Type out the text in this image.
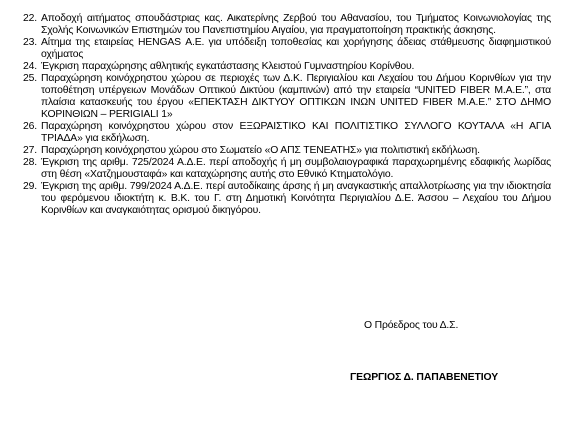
22. Αποδοχή αιτήματος σπουδάστριας κας. Αικατερίνης Ζερβού του Αθανασίου, του Τμήματος Κοινωνιολογίας της Σχολής Κοινωνικών Επιστημών του Πανεπιστημίου Αιγαίου, για πραγματοποίηση πρακτικής άσκησης.
23. Αίτημα της εταιρείας HENGAS Α.Ε. για υπόδειξη τοποθεσίας και χορήγησης άδειας στάθμευσης διαφημιστικού οχήματος
24. Έγκριση παραχώρησης αθλητικής εγκατάστασης Κλειστού Γυμναστηρίου Κορίνθου.
25. Παραχώρηση κοινόχρηστου χώρου σε περιοχές των Δ.Κ. Περιγιαλίου και Λεχαίου του Δήμου Κορινθίων για την τοποθέτηση υπέργειων Μονάδων Οπτικού Δικτύου (καμπινών) από την εταιρεία “UNITED FIBER M.A.E.”, στα πλαίσια κατασκευής του έργου «ΕΠΕΚΤΑΣΗ ΔΙΚΤΥΟΥ ΟΠΤΙΚΩΝ ΙΝΩΝ UNITED FIBER M.A.E.” ΣΤΟ ΔΗΜΟ ΚΟΡΙΝΘΙΩΝ – PERIGIALI 1»
26. Παραχώρηση κοινόχρηστου χώρου στον ΕΞΩΡΑΙΣΤΙΚΟ ΚΑΙ ΠΟΛΙΤΙΣΤΙΚΟ ΣΥΛΛΟΓΟ ΚΟΥΤΑΛΑ «Η ΑΓΙΑ ΤΡΙΑΔΑ» για εκδήλωση.
27. Παραχώρηση κοινόχρηστου χώρου στο Σωματείο «Ο ΑΠΣ ΤΕΝΕΑΤΗΣ» για πολιτιστική εκδήλωση.
28. Έγκριση της αριθμ. 725/2024 Α.Δ.Ε. περί αποδοχής ή μη συμβολαιογραφικά παραχωρημένης εδαφικής λωρίδας στη θέση «Χατζημουσταφά» και καταχώρησης αυτής στο Εθνικό Κτηματολόγιο.
29. Έγκριση της αριθμ. 799/2024 Α.Δ.Ε. περί αυτοδίκαιης άρσης ή μη αναγκαστικής απαλλοτρίωσης για την ιδιοκτησία του φερόμενου ιδιοκτήτη κ. Β.Κ. του Γ. στη Δημοτική Κοινότητα Περιγιαλίου Δ.Ε. Άσσου – Λεχαίου του Δήμου Κορινθίων και αναγκαιότητας ορισμού δικηγόρου.
Ο Πρόεδρος του Δ.Σ.
ΓΕΩΡΓΙΟΣ Δ. ΠΑΠΑΒΕΝΕΤΙΟΥ
